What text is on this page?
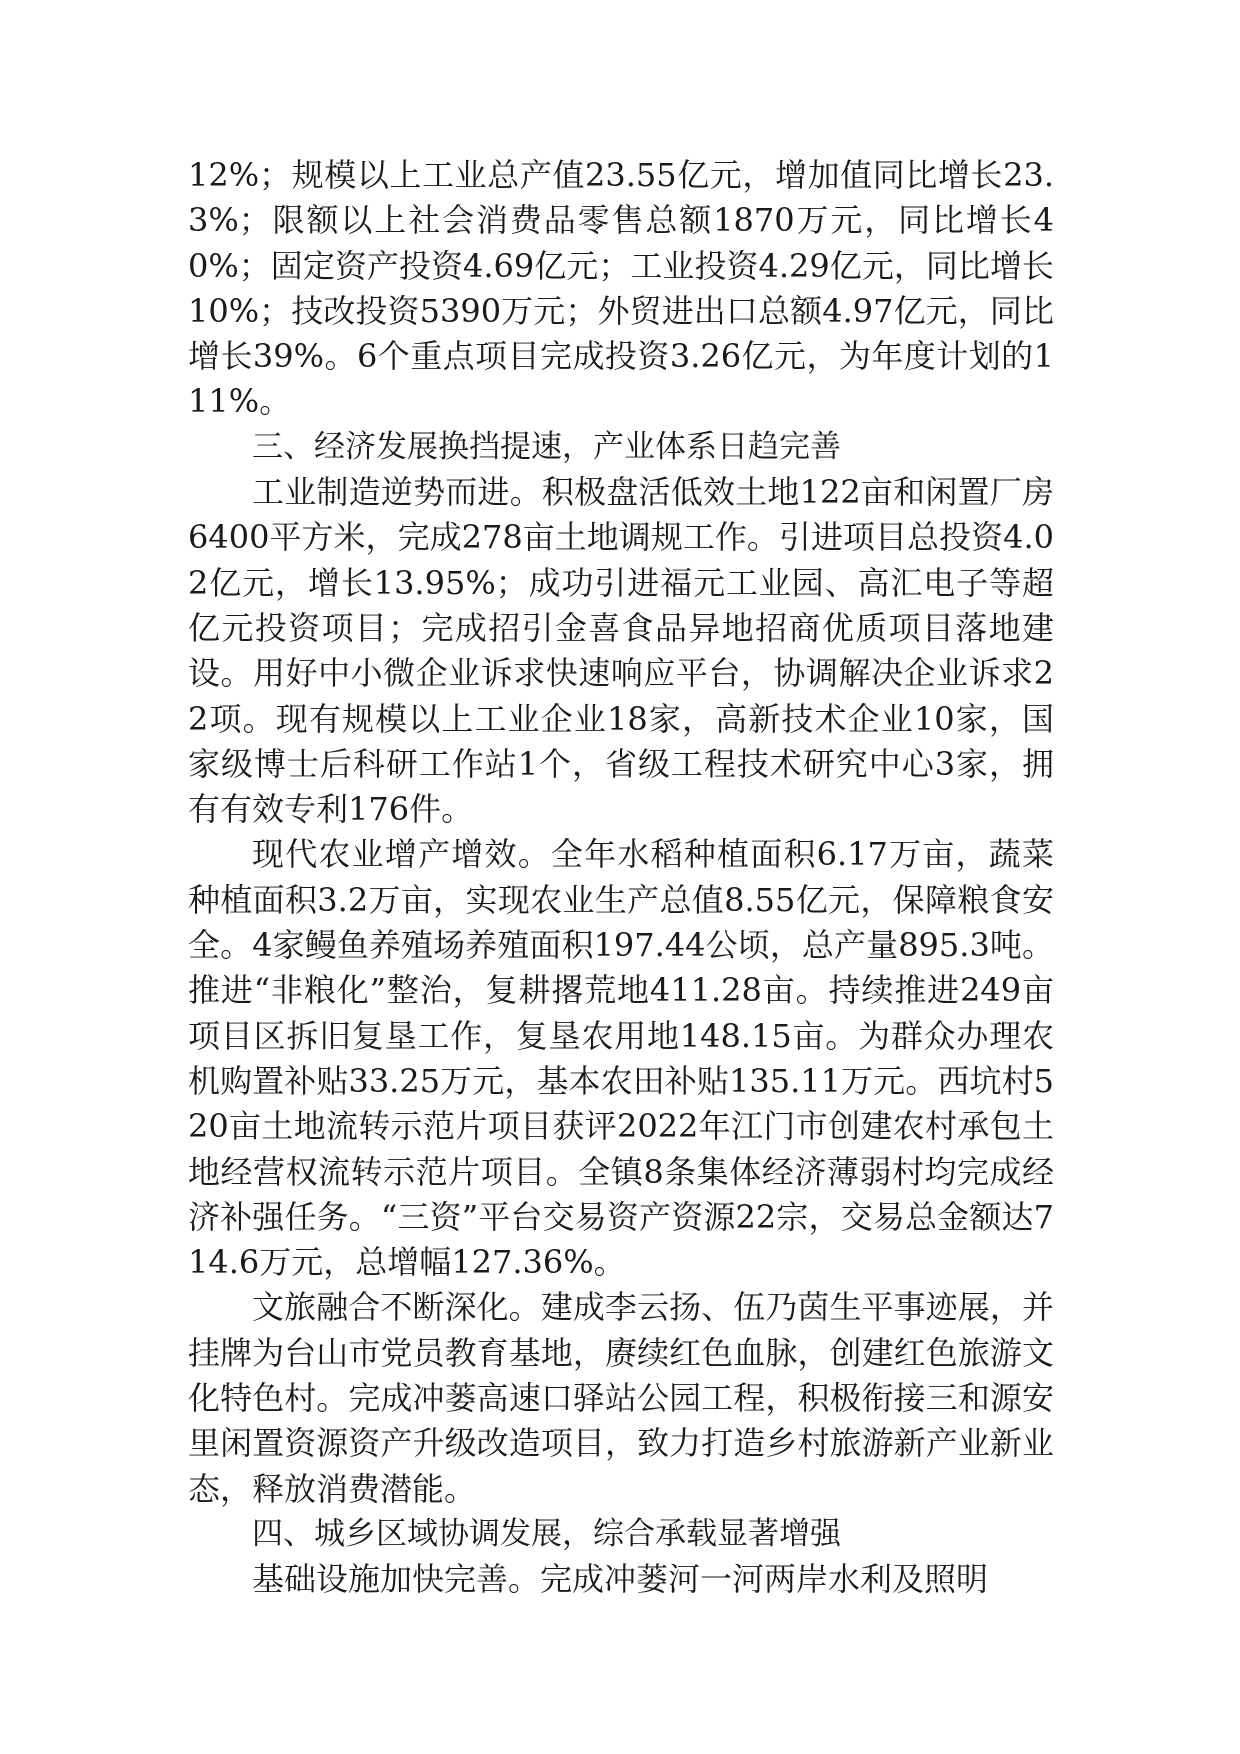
12%；规模以上工业总产值23.55亿元，增加值同比增长23.3%；限额以上社会消费品零售总额1870万元，同比增长40%；固定资产投资4.69亿元；工业投资4.29亿元，同比增长10%；技改投资5390万元；外贸进出口总额4.97亿元，同比增长39%。6个重点项目完成投资3.26亿元，为年度计划的111%。

三、经济发展换挡提速，产业体系日趋完善

工业制造逆势而进。积极盘活低效土地122亩和闲置厂房6400平方米，完成278亩土地调规工作。引进项目总投资4.02亿元，增长13.95%；成功引进福元工业园、高汇电子等超亿元投资项目；完成招引金喜食品异地招商优质项目落地建设。用好中小微企业诉求快速响应平台，协调解决企业诉求22项。现有规模以上工业企业18家，高新技术企业10家，国家级博士后科研工作站1个，省级工程技术研究中心3家，拥有有效专利176件。

现代农业增产增效。全年水稻种植面积6.17万亩，蔬菜种植面积3.2万亩，实现农业生产总值8.55亿元，保障粮食安全。4家鳗鱼养殖场养殖面积197.44公顷，总产量895.3吨。推进“非粮化”整治，复耕撂荒地411.28亩。持续推进249亩项目区拆旧复垦工作，复垦农用地148.15亩。为群众办理农机购置补贴33.25万元，基本农田补贴135.11万元。西坑村520亩土地流转示范片项目获评2022年江门市创建农村承包土地经营权流转示范片项目。全镇8条集体经济薄弱村均完成经济补强任务。“三资”平台交易资产资源22宗，交易总金额达714.6万元，总增幅127.36%。

文旅融合不断深化。建成李云扬、伍乃茵生平事迹展，并挂牌为台山市党员教育基地，赓续红色血脉，创建红色旅游文化特色村。完成冲蒌高速口驿站公园工程，积极衔接三和源安里闲置资源资产升级改造项目，致力打造乡村旅游新产业新业态，释放消费潜能。

四、城乡区域协调发展，综合承载显著增强

基础设施加快完善。完成冲蒌河一河两岸水利及照明
